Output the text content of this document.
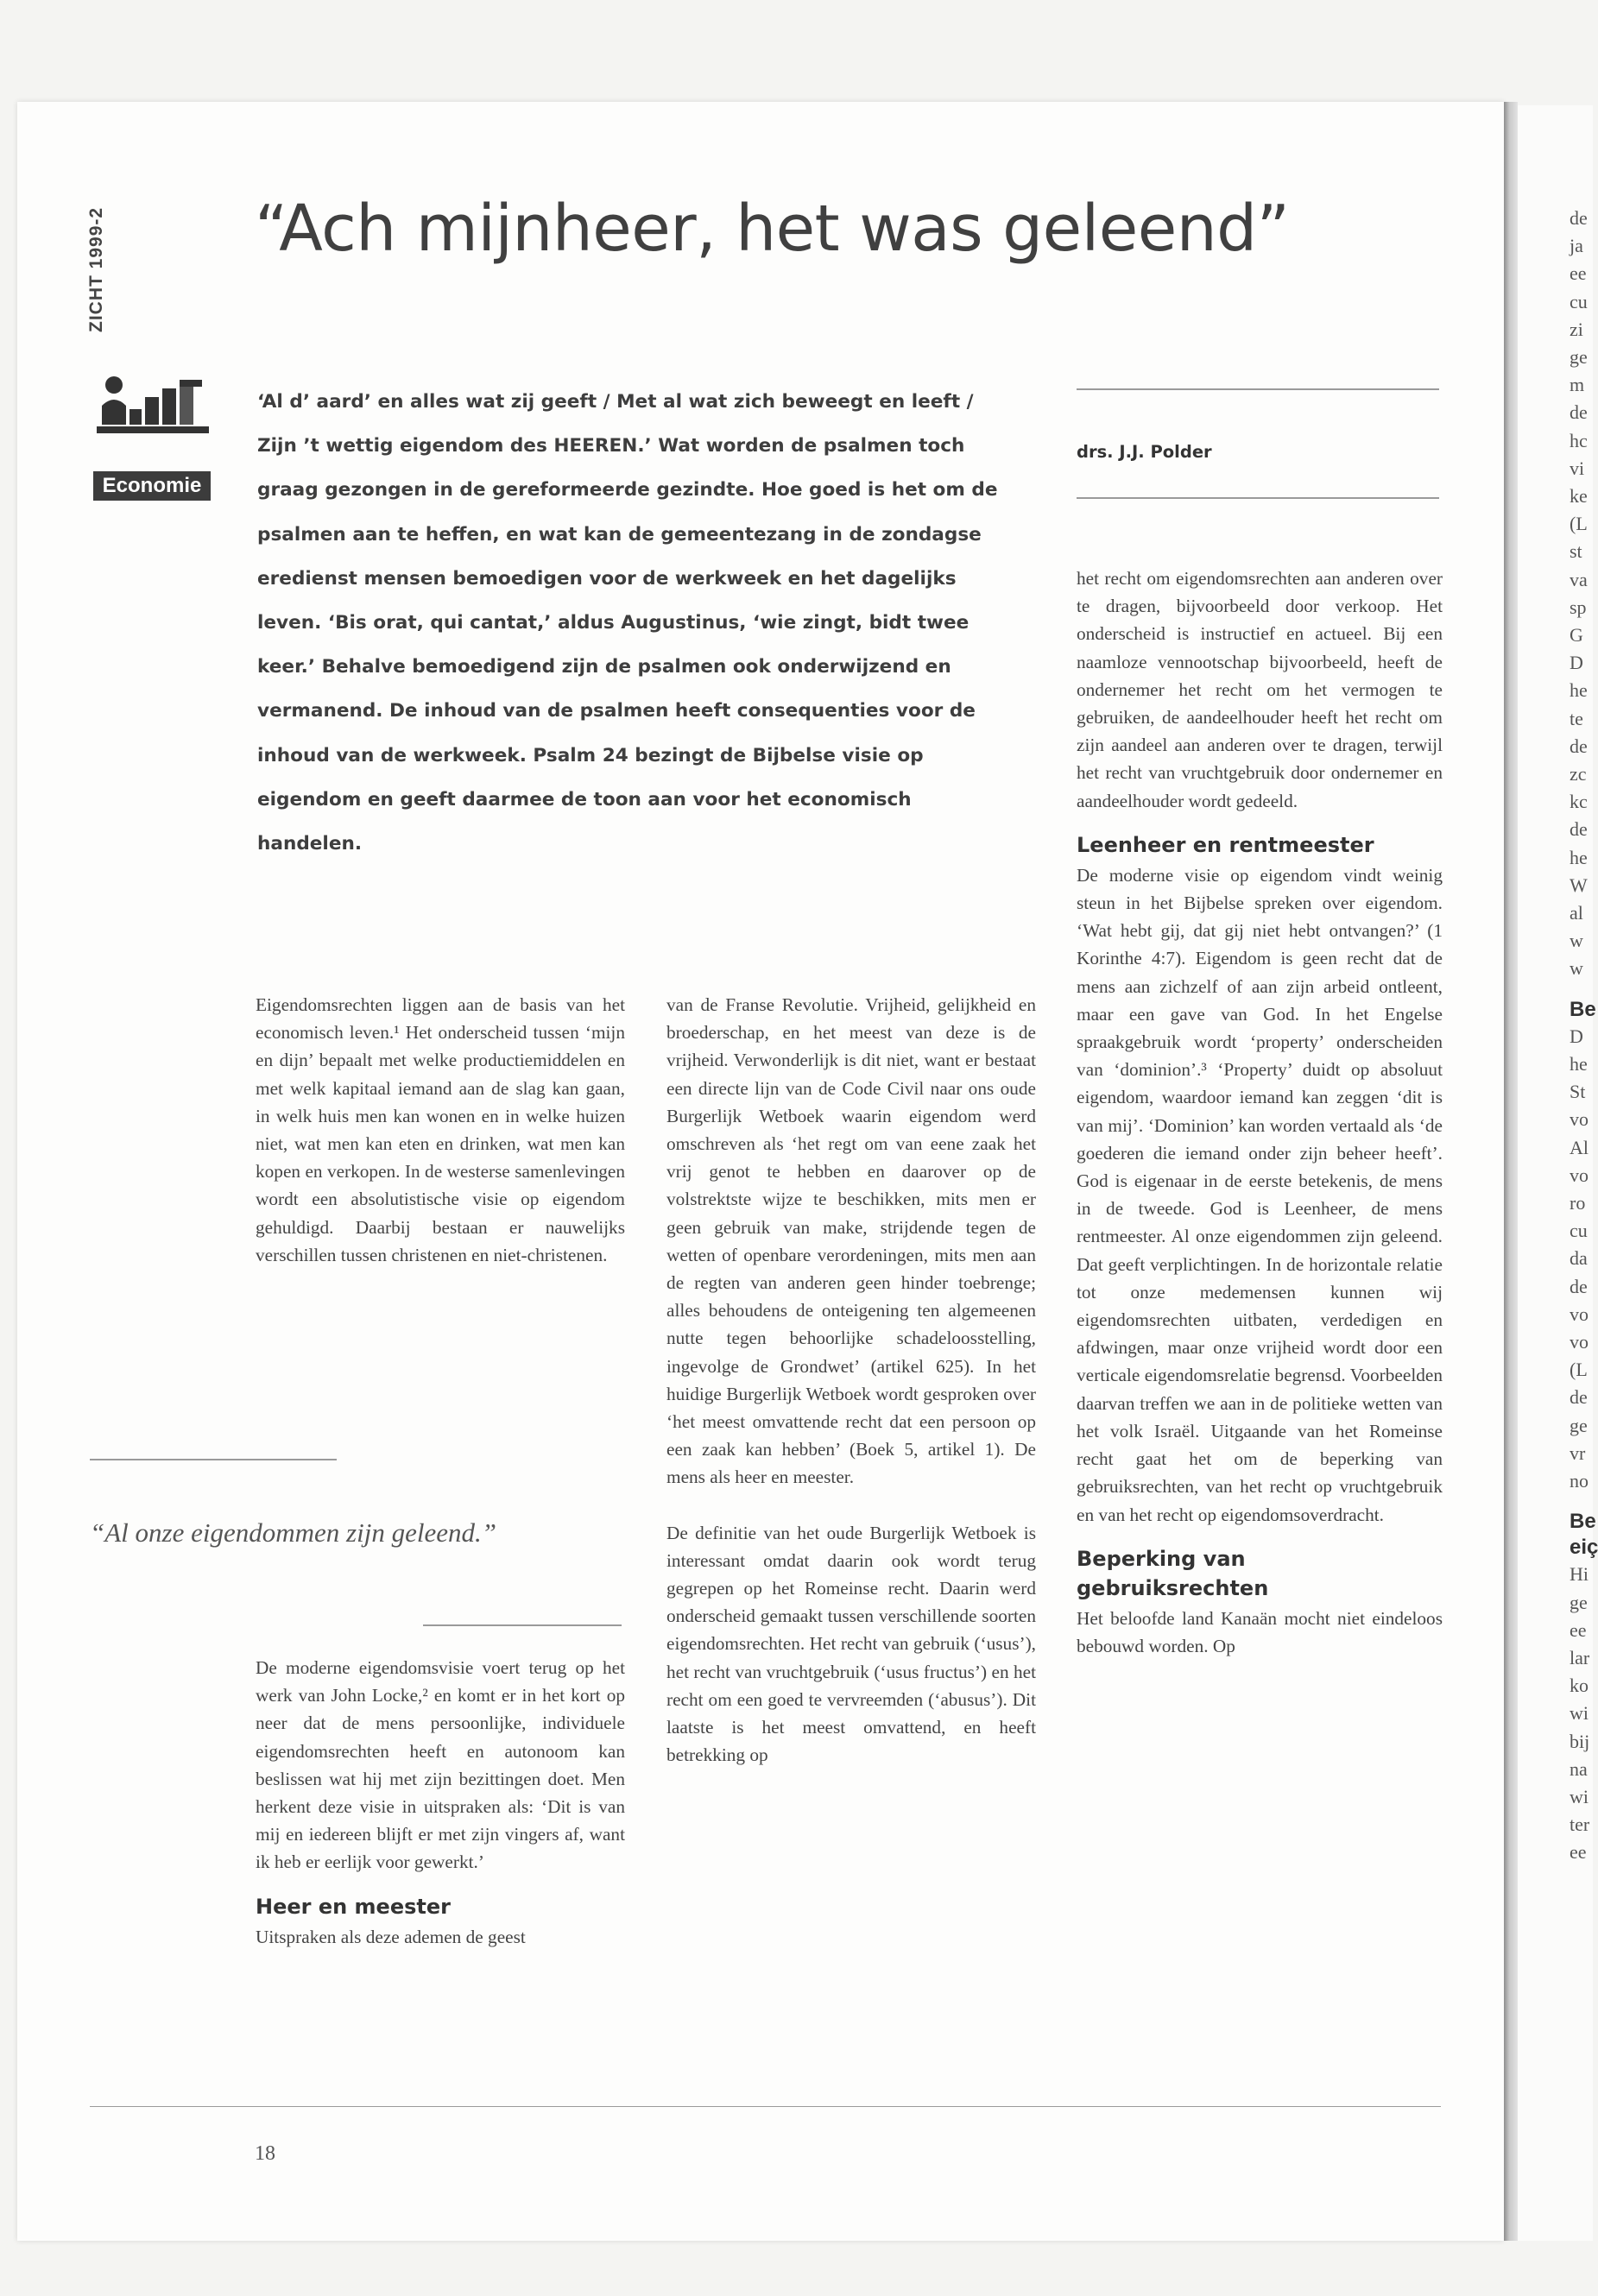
de
ja
ee
cu
zi
ge
m
de
hc
vi
ke
(L
st
va
sp
G
D
he
te
de
zc
kc
de
he
W
al
w
w
Be
D
he
St
vo
Al
vo
ro
cu
da
de
vo
vo
(L
de
ge
vr
no
Be
eiç
Hi
ge
ee
lar
ko
wi
bij
na
wi
ter
ee
ZICHT 1999-2 “Ach mijnheer, het was geleend”
Economie

‘Al d’ aard’ en alles wat zij geeft / Met al wat zich beweegt en leeft / Zijn ’t wettig eigendom des HEEREN.’ Wat worden de psalmen toch graag gezongen in de gereformeerde gezindte. Hoe goed is het om de psalmen aan te heffen, en wat kan de gemeentezang in de zondagse eredienst mensen bemoedigen voor de werkweek en het dagelijks leven. ‘Bis orat, qui cantat,’ aldus Augustinus, ‘wie zingt, bidt twee keer.’ Behalve bemoedigend zijn de psalmen ook onderwijzend en vermanend. De inhoud van de psalmen heeft consequenties voor de inhoud van de werkweek. Psalm 24 bezingt de Bijbelse visie op eigendom en geeft daarmee de toon aan voor het economisch handelen.

drs. J.J. Polder

Eigendomsrechten liggen aan de basis van het economisch leven.¹ Het onderscheid tussen ‘mijn en dijn’ bepaalt met welke productiemiddelen en met welk kapitaal iemand aan de slag kan gaan, in welk huis men kan wonen en in welke huizen niet, wat men kan eten en drinken, wat men kan kopen en verkopen. In de westerse samenlevingen wordt een absolutistische visie op eigendom gehuldigd. Daarbij bestaan er nauwelijks verschillen tussen christenen en niet-christenen.

“Al onze eigendommen zijn geleend.”

De moderne eigendomsvisie voert terug op het werk van John Locke,² en komt er in het kort op neer dat de mens persoonlijke, individuele eigendomsrechten heeft en autonoom kan beslissen wat hij met zijn bezittingen doet. Men herkent deze visie in uitspraken als: ‘Dit is van mij en iedereen blijft er met zijn vingers af, want ik heb er eerlijk voor gewerkt.’

Heer en meester

Uitspraken als deze ademen de geest

van de Franse Revolutie. Vrijheid, gelijkheid en broederschap, en het meest van deze is de vrijheid. Verwonderlijk is dit niet, want er bestaat een directe lijn van de Code Civil naar ons oude Burgerlijk Wetboek waarin eigendom werd omschreven als ‘het regt om van eene zaak het vrij genot te hebben en daarover op de volstrektste wijze te beschikken, mits men er geen gebruik van make, strijdende tegen de wetten of openbare verordeningen, mits men aan de regten van anderen geen hinder toebrenge; alles behoudens de onteigening ten algemeenen nutte tegen behoorlijke schadeloosstelling, ingevolge de Grondwet’ (artikel 625). In het huidige Burgerlijk Wetboek wordt gesproken over ‘het meest omvattende recht dat een persoon op een zaak kan hebben’ (Boek 5, artikel 1). De mens als heer en meester.

De definitie van het oude Burgerlijk Wetboek is interessant omdat daarin ook wordt terug gegrepen op het Romeinse recht. Daarin werd onderscheid gemaakt tussen verschillende soorten eigendomsrechten. Het recht van gebruik (‘usus’), het recht van vruchtgebruik (‘usus fructus’) en het recht om een goed te vervreemden (‘abusus’). Dit laatste is het meest omvattend, en heeft betrekking op

het recht om eigendomsrechten aan anderen over te dragen, bijvoorbeeld door verkoop. Het onderscheid is instructief en actueel. Bij een naamloze vennootschap bijvoorbeeld, heeft de ondernemer het recht om het vermogen te gebruiken, de aandeelhouder heeft het recht om zijn aandeel aan anderen over te dragen, terwijl het recht van vruchtgebruik door ondernemer en aandeelhouder wordt gedeeld.

Leenheer en rentmeester

De moderne visie op eigendom vindt weinig steun in het Bijbelse spreken over eigendom. ‘Wat hebt gij, dat gij niet hebt ontvangen?’ (1 Korinthe 4:7). Eigendom is geen recht dat de mens aan zichzelf of aan zijn arbeid ontleent, maar een gave van God. In het Engelse spraakgebruik wordt ‘property’ onderscheiden van ‘dominion’.³ ‘Property’ duidt op absoluut eigendom, waardoor iemand kan zeggen ‘dit is van mij’. ‘Dominion’ kan worden vertaald als ‘de goederen die iemand onder zijn beheer heeft’. God is eigenaar in de eerste betekenis, de mens in de tweede. God is Leenheer, de mens rentmeester. Al onze eigendommen zijn geleend. Dat geeft verplichtingen. In de horizontale relatie tot onze medemensen kunnen wij eigendomsrechten uitbaten, verdedigen en afdwingen, maar onze vrijheid wordt door een verticale eigendomsrelatie begrensd. Voorbeelden daarvan treffen we aan in de politieke wetten van het volk Israël. Uitgaande van het Romeinse recht gaat het om de beperking van gebruiksrechten, van het recht op vruchtgebruik en van het recht op eigendomsoverdracht.

Beperking van gebruiksrechten

Het beloofde land Kanaän mocht niet eindeloos bebouwd worden. Op

18
